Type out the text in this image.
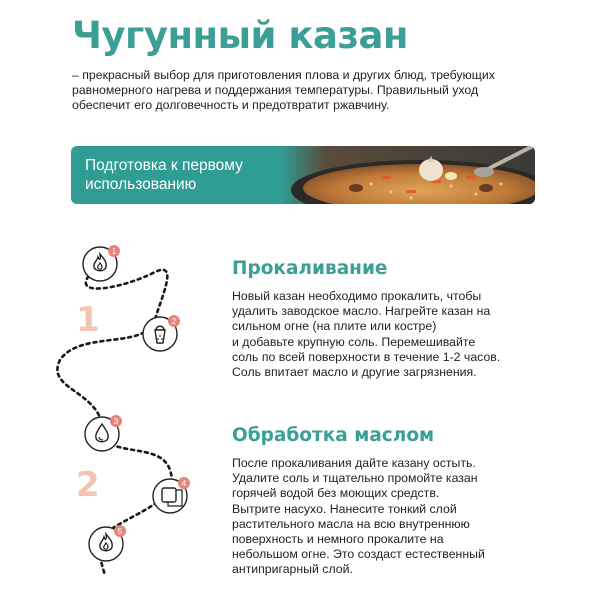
Чугунный казан
– прекрасный выбор для приготовления плова и других блюд, требующих
равномерного нагрева и поддержания температуры. Правильный уход
обеспечит его долговечность и предотвратит ржавчину.
Подготовка к первому
использованию
1
2
1
2
3
4
5
Прокаливание
Новый казан необходимо прокалить, чтобы
удалить заводское масло. Нагрейте казан на
сильном огне (на плите или костре)
и добавьте крупную соль. Перемешивайте
соль по всей поверхности в течение 1-2 часов.
Соль впитает масло и другие загрязнения.
Обработка маслом
После прокаливания дайте казану остыть.
Удалите соль и тщательно промойте казан
горячей водой без моющих средств.
Вытрите насухо. Нанесите тонкий слой
растительного масла на всю внутреннюю
поверхность и немного прокалите на
небольшом огне. Это создаст естественный
антипригарный слой.
